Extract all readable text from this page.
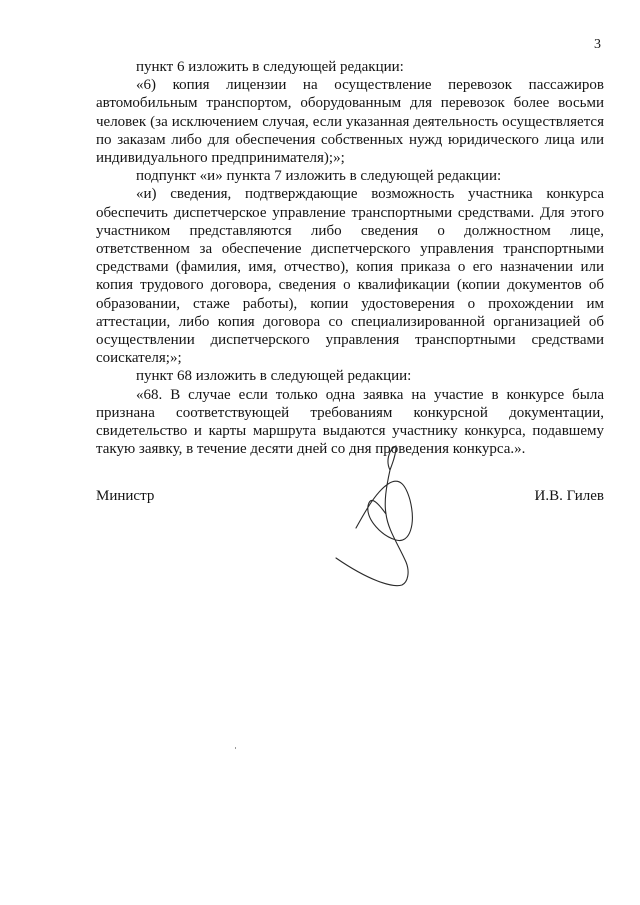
3

пункт 6 изложить в следующей редакции:

«6) копия лицензии на осуществление перевозок пассажиров автомобильным транспортом, оборудованным для перевозок более восьми человек (за исключением случая, если указанная деятельность осуществляется по заказам либо для обеспечения собственных нужд юридического лица или индивидуального предпринимателя);»;

подпункт «и» пункта 7 изложить в следующей редакции:

«и) сведения, подтверждающие возможность участника конкурса обеспечить диспетчерское управление транспортными средствами. Для этого участником представляются либо сведения о должностном лице, ответственном за обеспечение диспетчерского управления транспортными средствами (фамилия, имя, отчество), копия приказа о его назначении или копия трудового договора, сведения о квалификации (копии документов об образовании, стаже работы), копии удостоверения о прохождении им аттестации, либо копия договора со специализированной организацией об осуществлении диспетчерского управления транспортными средствами соискателя;»;

пункт 68 изложить в следующей редакции:

«68. В случае если только одна заявка на участие в конкурсе была признана соответствующей требованиям конкурсной документации, свидетельство и карты маршрута выдаются участнику конкурса, подавшему такую заявку, в течение десяти дней со дня проведения конкурса.».

Министр	И.В. Гилев
